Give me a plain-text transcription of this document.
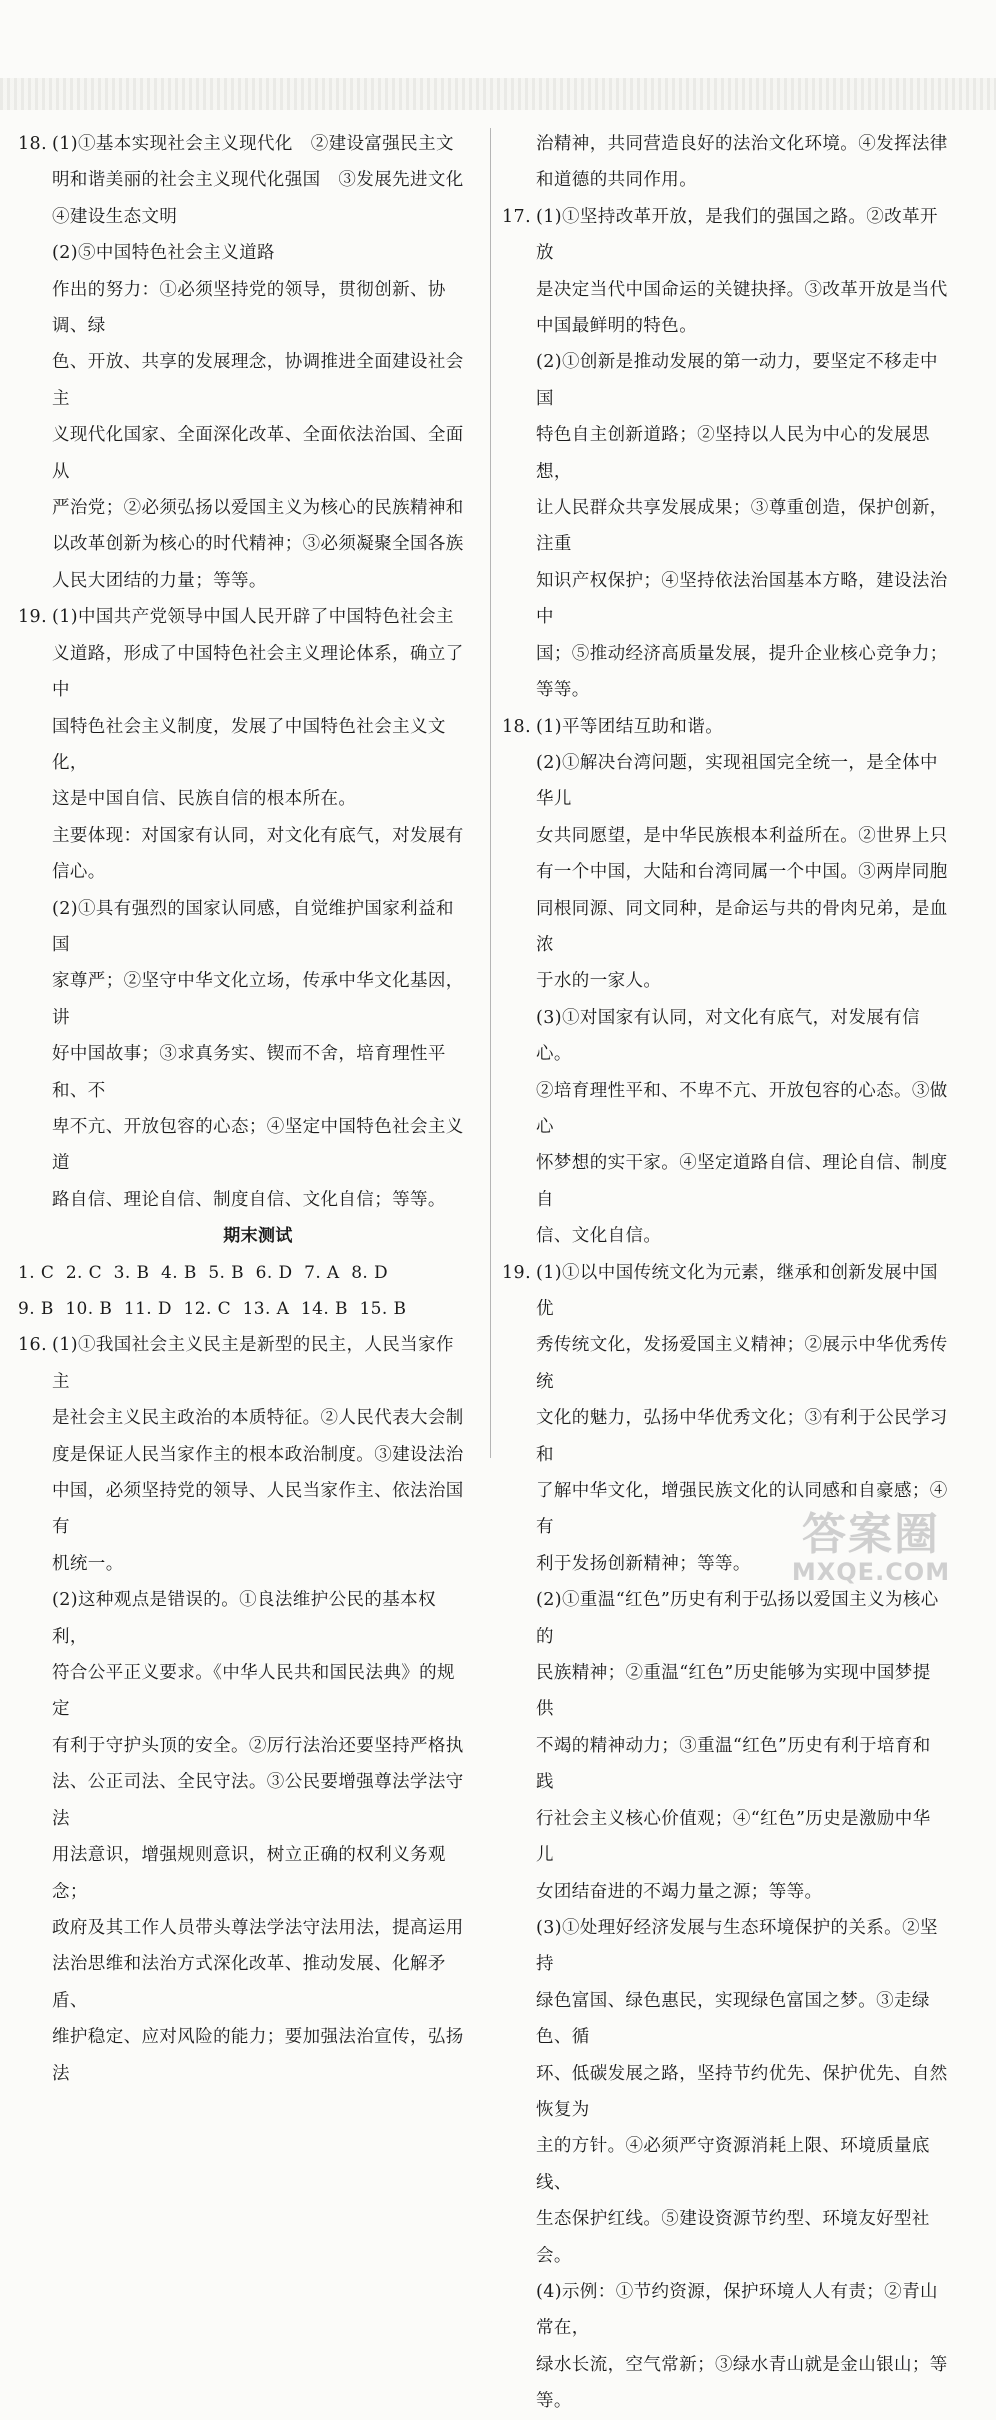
18. (1)①基本实现社会主义现代化　②建设富强民主文
明和谐美丽的社会主义现代化强国　③发展先进文化
④建设生态文明
(2)⑤中国特色社会主义道路
作出的努力：①必须坚持党的领导，贯彻创新、协调、绿
色、开放、共享的发展理念，协调推进全面建设社会主
义现代化国家、全面深化改革、全面依法治国、全面从
严治党；②必须弘扬以爱国主义为核心的民族精神和
以改革创新为核心的时代精神；③必须凝聚全国各族
人民大团结的力量；等等。
19. (1)中国共产党领导中国人民开辟了中国特色社会主
义道路，形成了中国特色社会主义理论体系，确立了中
国特色社会主义制度，发展了中国特色社会主义文化，
这是中国自信、民族自信的根本所在。
主要体现：对国家有认同，对文化有底气，对发展有
信心。
(2)①具有强烈的国家认同感，自觉维护国家利益和国
家尊严；②坚守中华文化立场，传承中华文化基因，讲
好中国故事；③求真务实、锲而不舍，培育理性平和、不
卑不亢、开放包容的心态；④坚定中国特色社会主义道
路自信、理论自信、制度自信、文化自信；等等。
期末测试
1. C  2. C  3. B  4. B  5. B  6. D  7. A  8. D
9. B  10. B  11. D  12. C  13. A  14. B  15. B
16. (1)①我国社会主义民主是新型的民主，人民当家作主
是社会主义民主政治的本质特征。②人民代表大会制
度是保证人民当家作主的根本政治制度。③建设法治
中国，必须坚持党的领导、人民当家作主、依法治国有
机统一。
(2)这种观点是错误的。①良法维护公民的基本权利，
符合公平正义要求。《中华人民共和国民法典》的规定
有利于守护头顶的安全。②厉行法治还要坚持严格执
法、公正司法、全民守法。③公民要增强尊法学法守法
用法意识，增强规则意识，树立正确的权利义务观念；
政府及其工作人员带头尊法学法守法用法，提高运用
法治思维和法治方式深化改革、推动发展、化解矛盾、
维护稳定、应对风险的能力；要加强法治宣传，弘扬法
治精神，共同营造良好的法治文化环境。④发挥法律
和道德的共同作用。
17. (1)①坚持改革开放，是我们的强国之路。②改革开放
是决定当代中国命运的关键抉择。③改革开放是当代
中国最鲜明的特色。
(2)①创新是推动发展的第一动力，要坚定不移走中国
特色自主创新道路；②坚持以人民为中心的发展思想，
让人民群众共享发展成果；③尊重创造，保护创新，注重
知识产权保护；④坚持依法治国基本方略，建设法治中
国；⑤推动经济高质量发展，提升企业核心竞争力；等等。
18. (1)平等团结互助和谐。
(2)①解决台湾问题，实现祖国完全统一，是全体中华儿
女共同愿望，是中华民族根本利益所在。②世界上只
有一个中国，大陆和台湾同属一个中国。③两岸同胞
同根同源、同文同种，是命运与共的骨肉兄弟，是血浓
于水的一家人。
(3)①对国家有认同，对文化有底气，对发展有信心。
②培育理性平和、不卑不亢、开放包容的心态。③做心
怀梦想的实干家。④坚定道路自信、理论自信、制度自
信、文化自信。
19. (1)①以中国传统文化为元素，继承和创新发展中国优
秀传统文化，发扬爱国主义精神；②展示中华优秀传统
文化的魅力，弘扬中华优秀文化；③有利于公民学习和
了解中华文化，增强民族文化的认同感和自豪感；④有
利于发扬创新精神；等等。
(2)①重温“红色”历史有利于弘扬以爱国主义为核心的
民族精神；②重温“红色”历史能够为实现中国梦提供
不竭的精神动力；③重温“红色”历史有利于培育和践
行社会主义核心价值观；④“红色”历史是激励中华儿
女团结奋进的不竭力量之源；等等。
(3)①处理好经济发展与生态环境保护的关系。②坚持
绿色富国、绿色惠民，实现绿色富国之梦。③走绿色、循
环、低碳发展之路，坚持节约优先、保护优先、自然恢复为
主的方针。④必须严守资源消耗上限、环境质量底线、
生态保护红线。⑤建设资源节约型、环境友好型社会。
(4)示例：①节约资源，保护环境人人有责；②青山常在，
绿水长流，空气常新；③绿水青山就是金山银山；等等。
答案圈
MXQE.COM
